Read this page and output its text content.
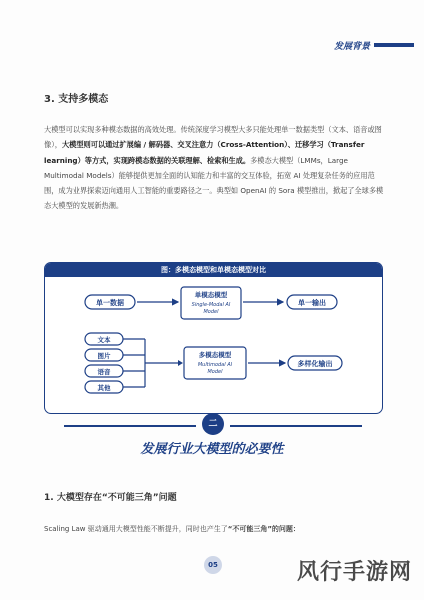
发展背景
3. 支持多模态
大模型可以实现多种模态数据的高效处理。传统深度学习模型大多只能处理单一数据类型（文本、语音或图像），大模型则可以通过扩展编 / 解码器、交叉注意力（Cross-Attention）、迁移学习（Transfer learning）等方式，实现跨模态数据的关联理解、检索和生成。多模态大模型（LMMs，Large Multimodal Models）能够提供更加全面的认知能力和丰富的交互体验，拓宽 AI 处理复杂任务的应用范围，成为业界探索迈向通用人工智能的重要路径之一。典型如 OpenAI 的 Sora 模型推出，掀起了全球多模态大模型的发展新热潮。
图：多模态模型和单模态模型对比
单一数据
单模态模型
Single-Modal AI
Model
单一输出
文本
图片
语音
其他
多模态模型
Multimodal AI
Model
多样化输出
二
发展行业大模型的必要性
1. 大模型存在“不可能三角”问题
Scaling Law 驱动通用大模型性能不断提升，同时也产生了“不可能三角”的问题：
05	风行手游网
